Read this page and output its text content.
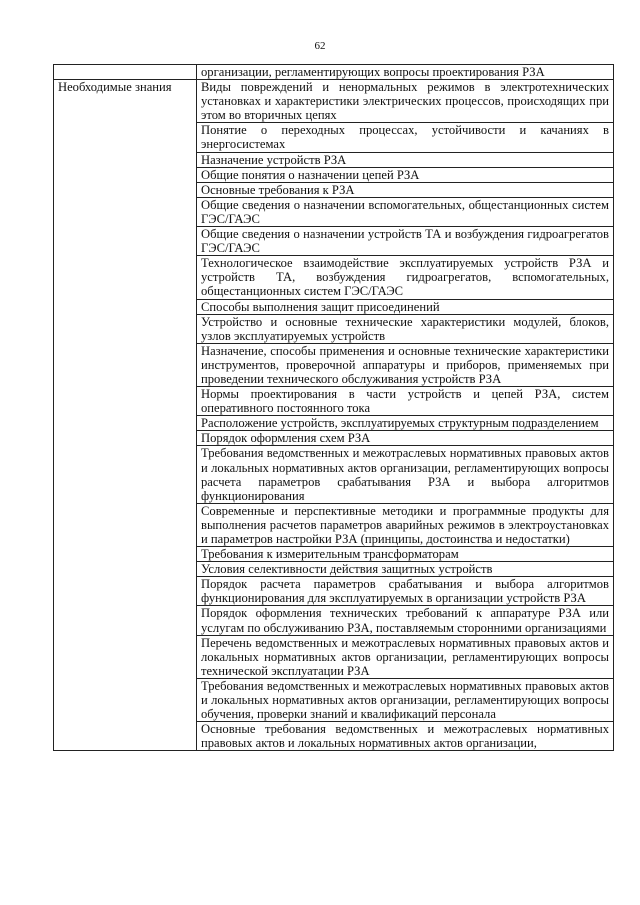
62
	организации, регламентирующих вопросы проектирования РЗА
Необходимые знания	Виды повреждений и ненормальных режимов в электротехнических установках и характеристики электрических процессов, происходящих при этом во вторичных цепях
	Понятие о переходных процессах, устойчивости и качаниях в энергосистемах
	Назначение устройств РЗА
	Общие понятия о назначении цепей РЗА
	Основные требования к РЗА
	Общие сведения о назначении вспомогательных, общестанционных систем ГЭС/ГАЭС
	Общие сведения о назначении устройств ТА и возбуждения гидроагрегатов ГЭС/ГАЭС
	Технологическое взаимодействие эксплуатируемых устройств РЗА и устройств ТА, возбуждения гидроагрегатов, вспомогательных, общестанционных систем ГЭС/ГАЭС
	Способы выполнения защит присоединений
	Устройство и основные технические характеристики модулей, блоков, узлов эксплуатируемых устройств
	Назначение, способы применения и основные технические характеристики инструментов, проверочной аппаратуры и приборов, применяемых при проведении технического обслуживания устройств РЗА
	Нормы проектирования в части устройств и цепей РЗА, систем оперативного постоянного тока
	Расположение устройств, эксплуатируемых структурным подразделением
	Порядок оформления схем РЗА
	Требования ведомственных и межотраслевых нормативных правовых актов и локальных нормативных актов организации, регламентирующих вопросы расчета параметров срабатывания РЗА и выбора алгоритмов функционирования
	Современные и перспективные методики и программные продукты для выполнения расчетов параметров аварийных режимов в электроустановках и параметров настройки РЗА (принципы, достоинства и недостатки)
	Требования к измерительным трансформаторам
	Условия селективности действия защитных устройств
	Порядок расчета параметров срабатывания и выбора алгоритмов функционирования для эксплуатируемых в организации устройств РЗА
	Порядок оформления технических требований к аппаратуре РЗА или услугам по обслуживанию РЗА, поставляемым сторонними организациями
	Перечень ведомственных и межотраслевых нормативных правовых актов и локальных нормативных актов организации, регламентирующих вопросы технической эксплуатации РЗА
	Требования ведомственных и межотраслевых нормативных правовых актов и локальных нормативных актов организации, регламентирующих вопросы обучения, проверки знаний и квалификаций персонала
	Основные требования ведомственных и межотраслевых нормативных правовых актов и локальных нормативных актов организации,
